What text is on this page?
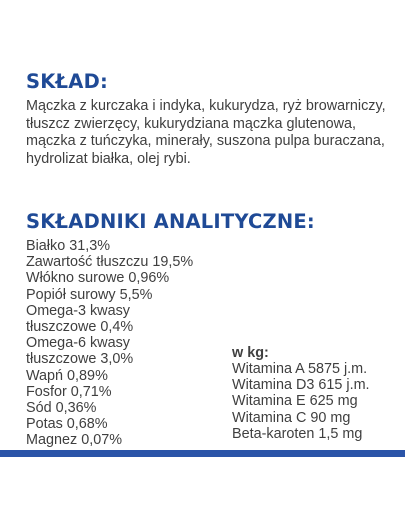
SKŁAD:

Mączka z kurczaka i indyka, kukurydza, ryż browarniczy, tłuszcz zwierzęcy, kukurydziana mączka glutenowa, mączka z tuńczyka, minerały, suszona pulpa buraczana, hydrolizat białka, olej rybi.

SKŁADNIKI ANALITYCZNE:
Białko 31,3%
Zawartość tłuszczu 19,5%
Włókno surowe 0,96%
Popiół surowy 5,5%
Omega-3 kwasy
tłuszczowe 0,4%
Omega-6 kwasy
tłuszczowe 3,0%
Wapń 0,89%
Fosfor 0,71%
Sód 0,36%
Potas 0,68%
Magnez 0,07%

w kg:

Witamina A 5875 j.m.
Witamina D3 615 j.m.
Witamina E 625 mg
Witamina C 90 mg
Beta-karoten 1,5 mg
